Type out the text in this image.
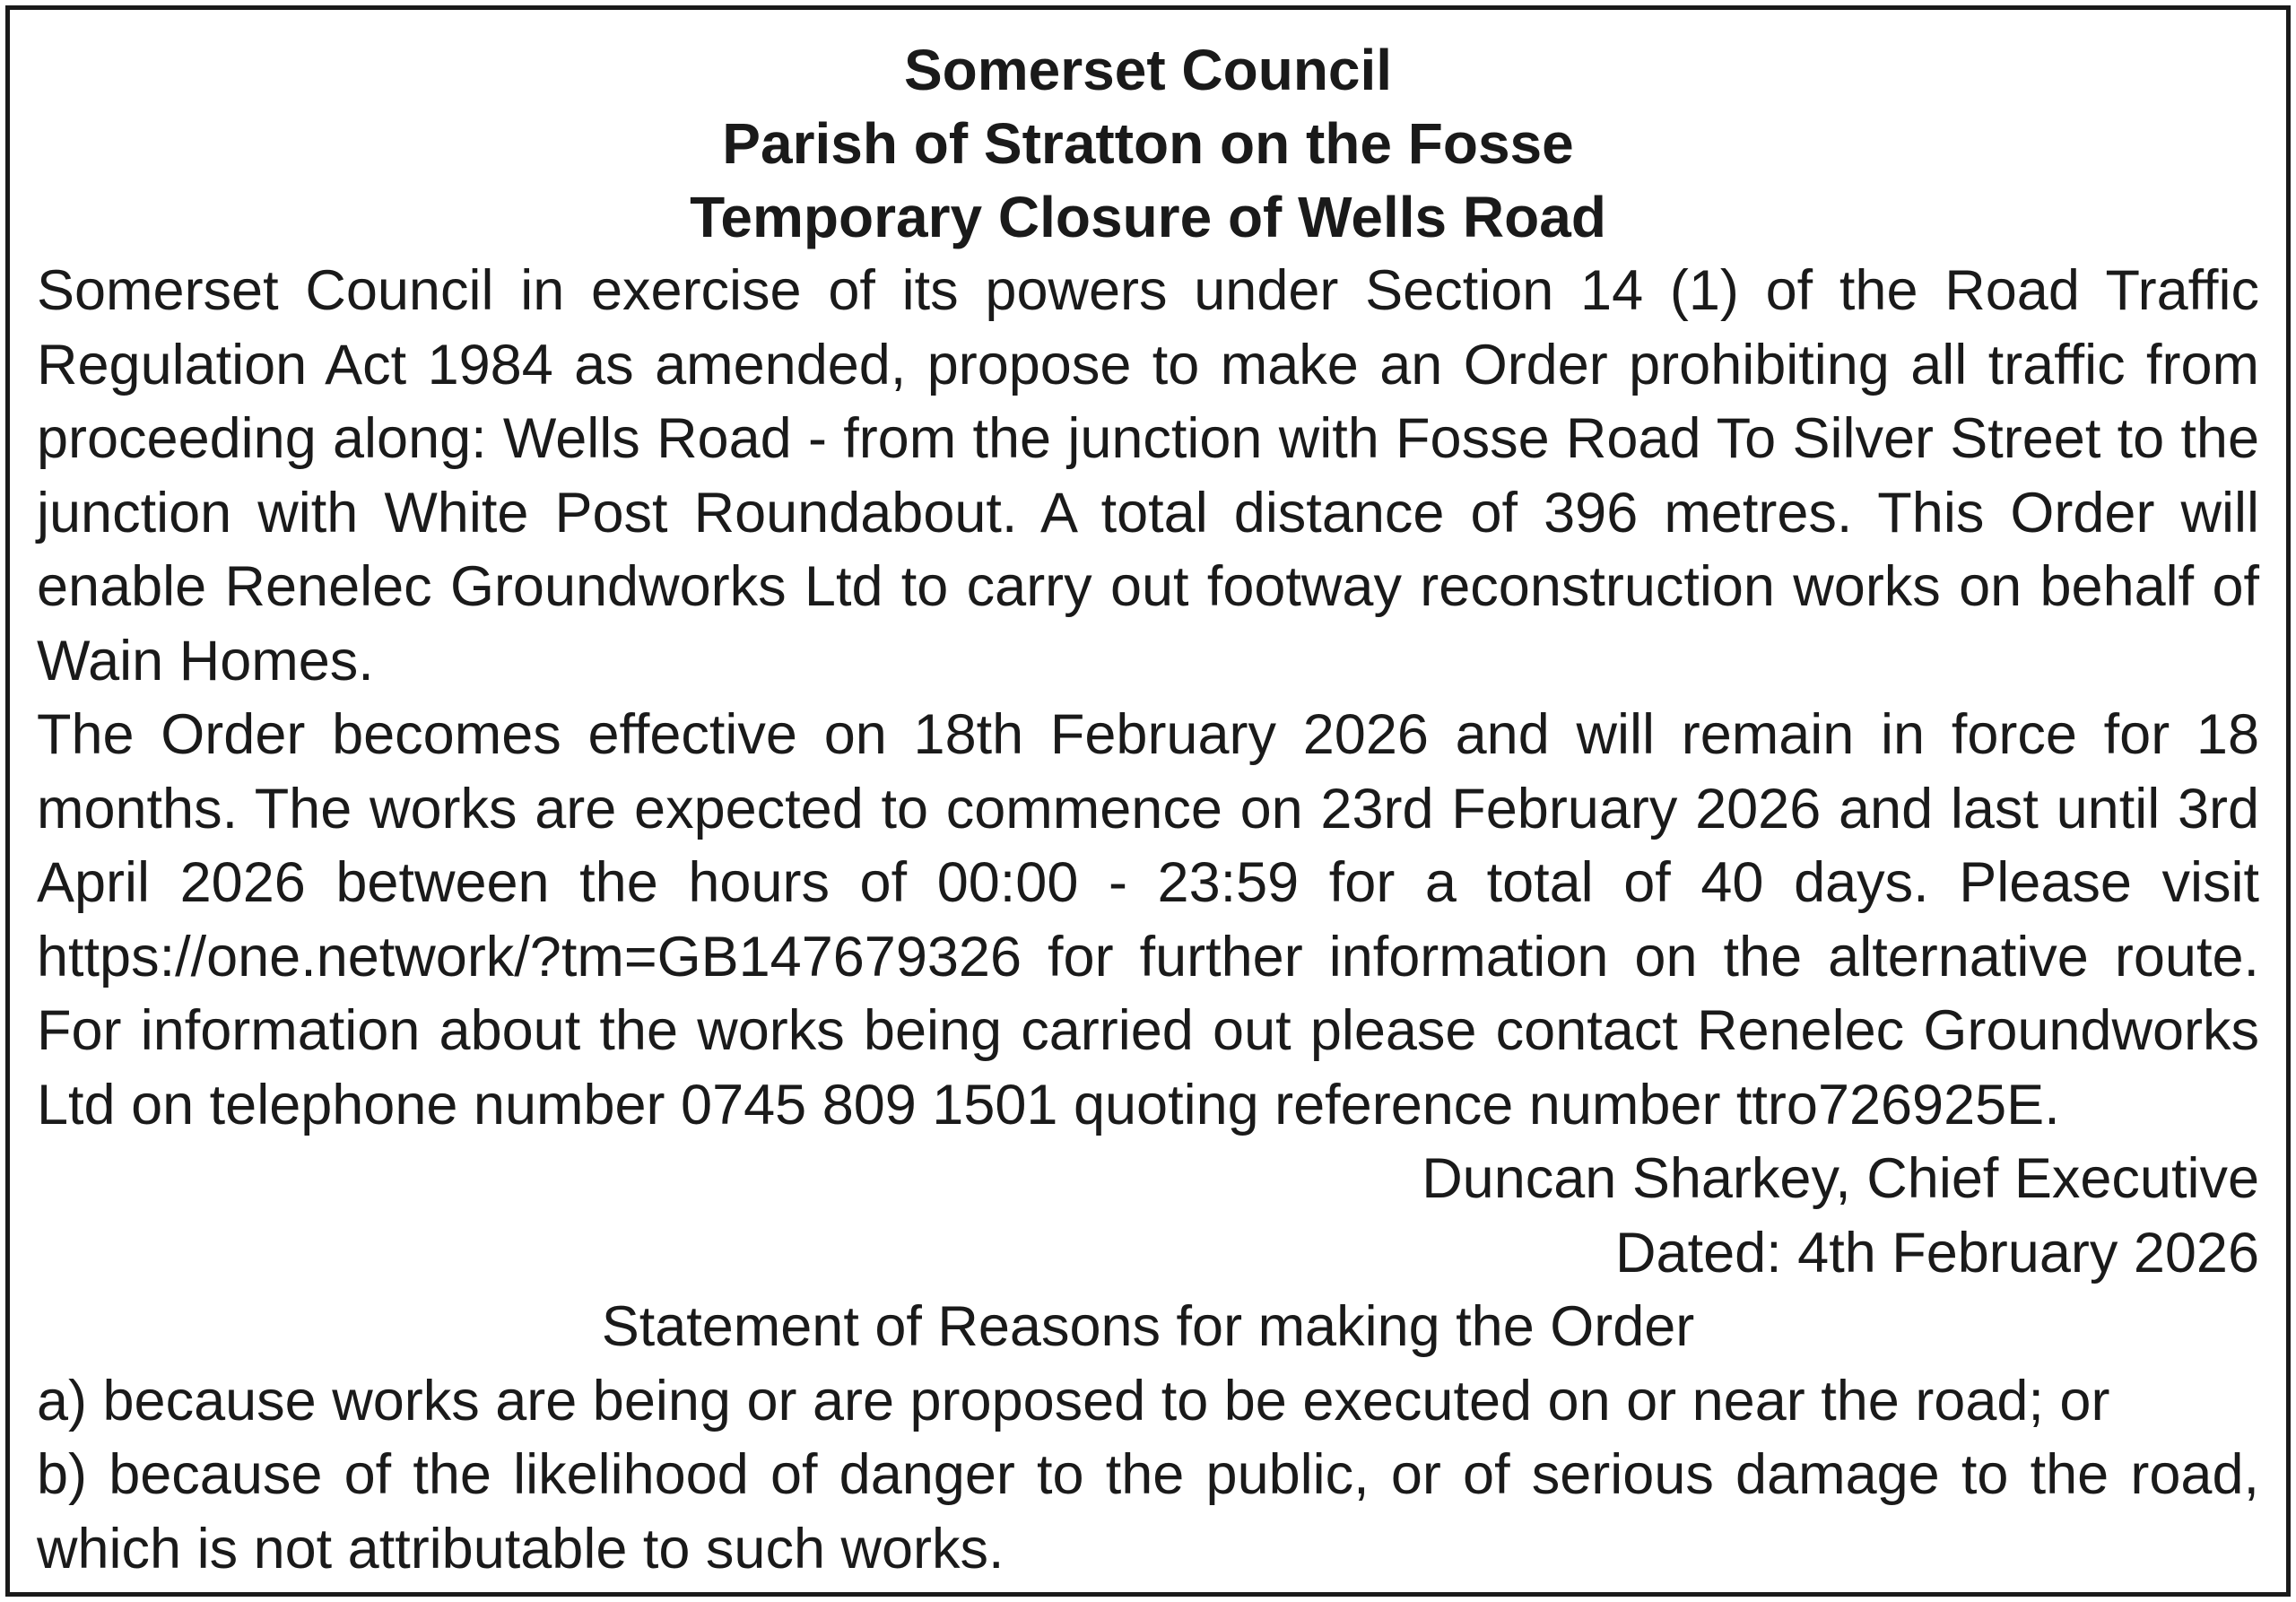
Somerset Council
Parish of Stratton on the Fosse
Temporary Closure of Wells Road

Somerset Council in exercise of its powers under Section 14 (1) of the Road Traffic Regulation Act 1984 as amended, propose to make an Order prohibiting all traffic from proceeding along: Wells Road - from the junction with Fosse Road To Silver Street to the junction with White Post Roundabout. A total distance of 396 metres. This Order will enable Renelec Groundworks Ltd to carry out footway reconstruction works on behalf of Wain Homes.

The Order becomes effective on 18th February 2026 and will remain in force for 18 months. The works are expected to commence on 23rd February 2026 and last until 3rd April 2026 between the hours of 00:00 - 23:59 for a total of 40 days. Please visit https://one.network/?tm=GB147679326 for further information on the alternative route. For information about the works being carried out please contact Renelec Groundworks Ltd on telephone number 0745 809 1501 quoting reference number ttro726925E.

Duncan Sharkey, Chief Executive
Dated: 4th February 2026
Statement of Reasons for making the Order
a) because works are being or are proposed to be executed on or near the road; or
b) because of the likelihood of danger to the public, or of serious damage to the road, which is not attributable to such works.
